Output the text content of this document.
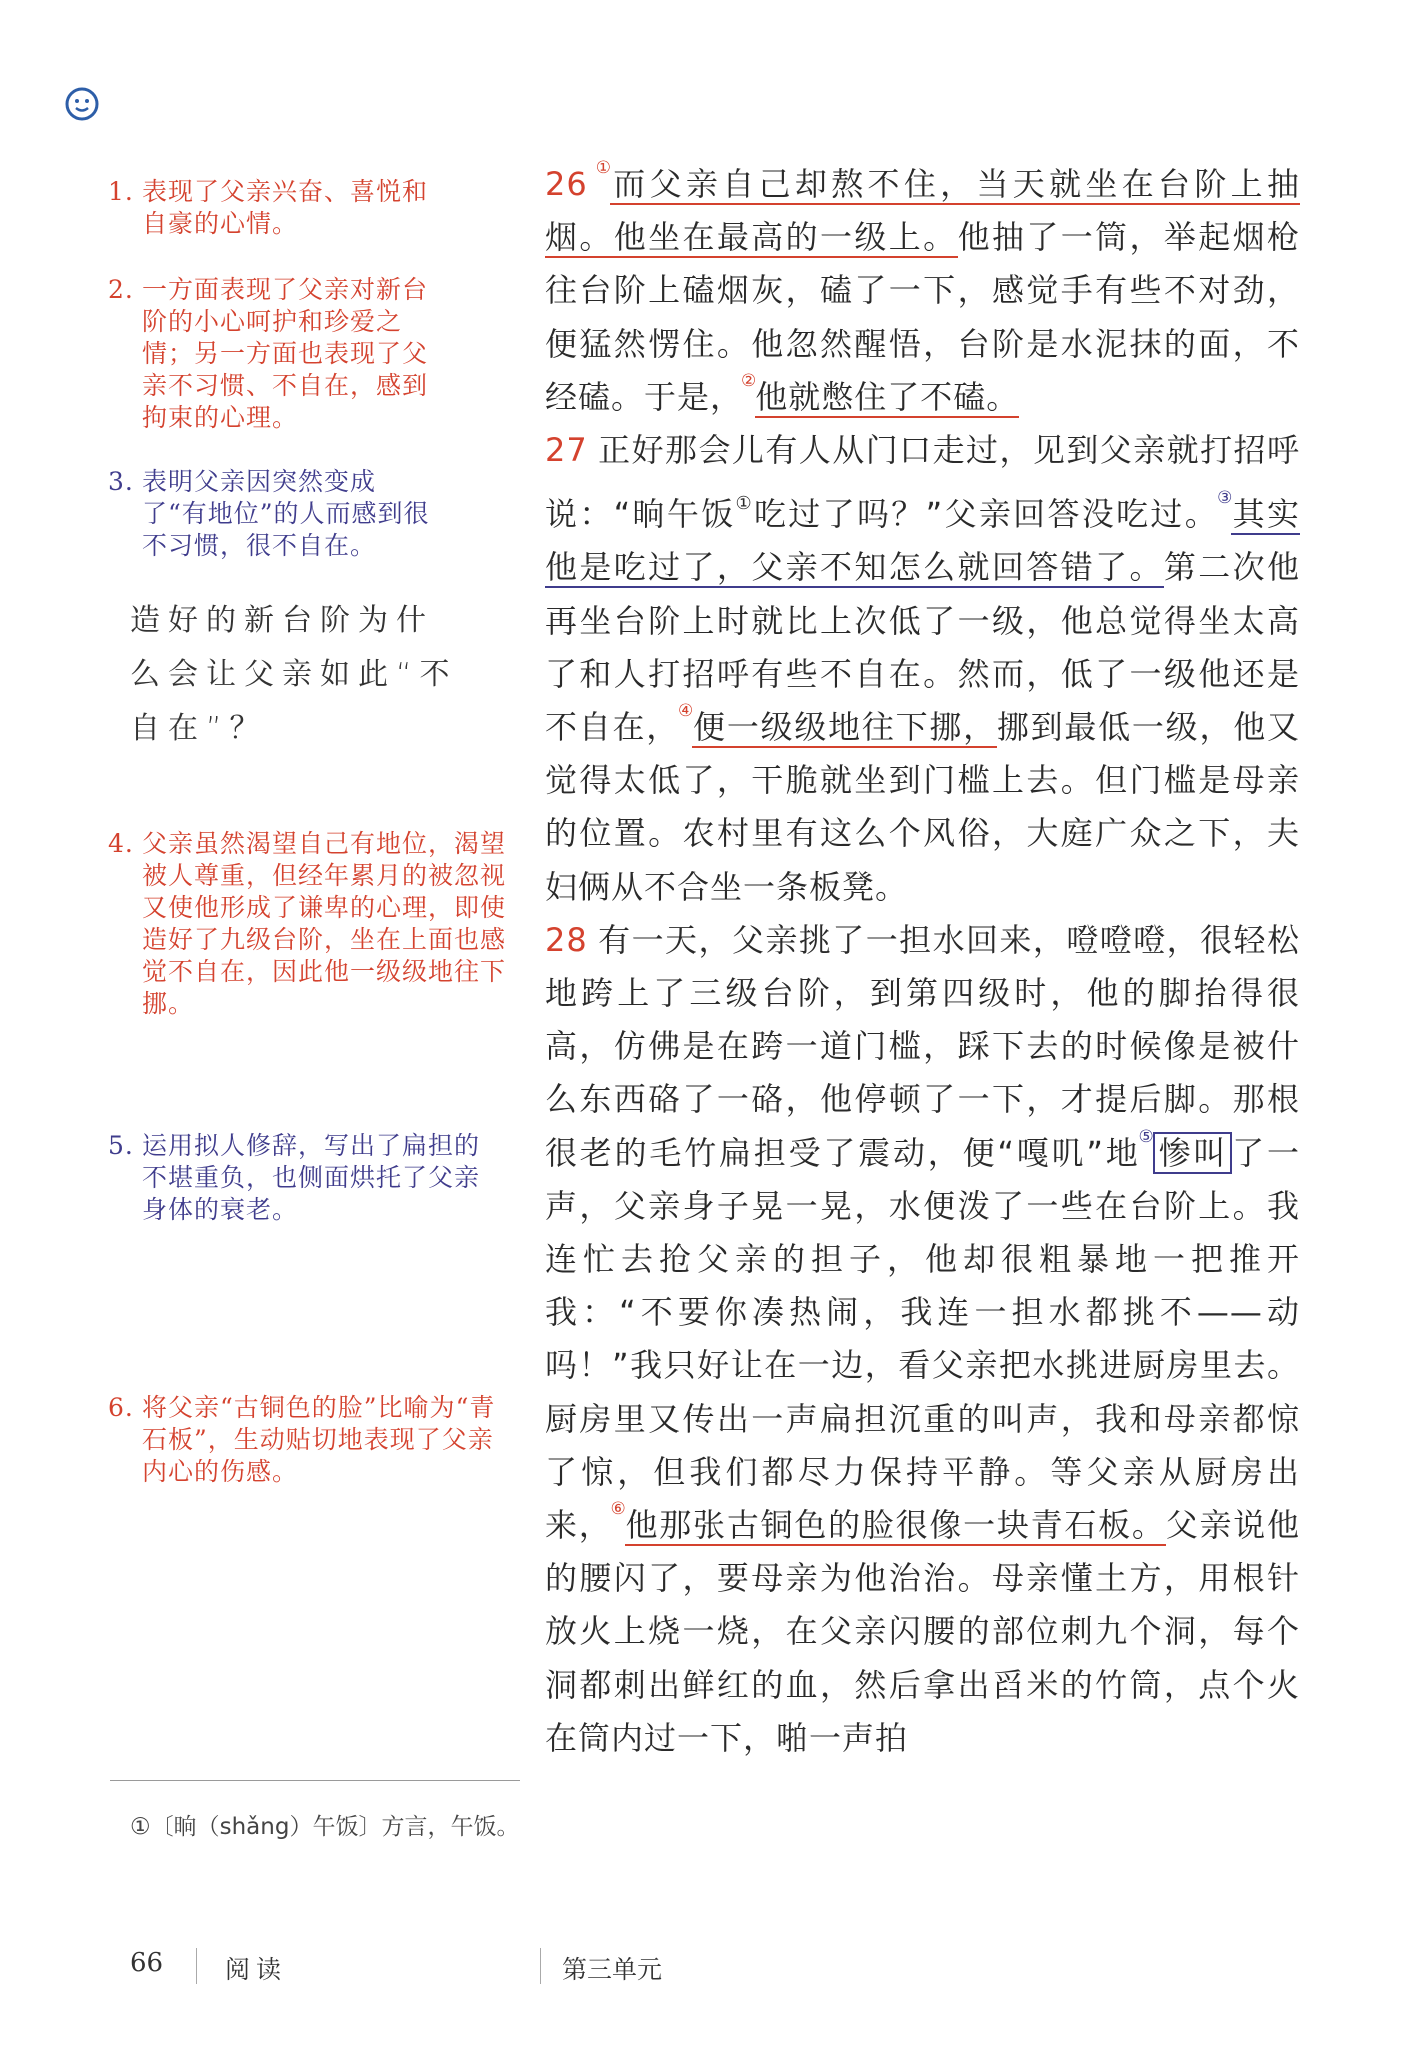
1. 表现了父亲兴奋、喜悦和自豪的心情。
2. 一方面表现了父亲对新台阶的小心呵护和珍爱之情；另一方面也表现了父亲不习惯、不自在，感到拘束的心理。
3. 表明父亲因突然变成了“有地位”的人而感到很不习惯，很不自在。
造好的新台阶为什么会让父亲如此“不自在”？
4. 父亲虽然渴望自己有地位，渴望被人尊重，但经年累月的被忽视又使他形成了谦卑的心理，即使造好了九级台阶，坐在上面也感觉不自在，因此他一级级地往下挪。
5. 运用拟人修辞，写出了扁担的不堪重负，也侧面烘托了父亲身体的衰老。
6. 将父亲“古铜色的脸”比喻为“青石板”，生动贴切地表现了父亲内心的伤感。

26 ①而父亲自己却熬不住，当天就坐在台阶上抽烟。他坐在最高的一级上。他抽了一筒，举起烟枪往台阶上磕烟灰，磕了一下，感觉手有些不对劲，便猛然愣住。他忽然醒悟，台阶是水泥抹的面，不经磕。于是，②他就憋住了不磕。

27 正好那会儿有人从门口走过，见到父亲就打招呼说：“晌午饭①吃过了吗？”父亲回答没吃过。③其实他是吃过了，父亲不知怎么就回答错了。第二次他再坐台阶上时就比上次低了一级，他总觉得坐太高了和人打招呼有些不自在。然而，低了一级他还是不自在，④便一级级地往下挪，挪到最低一级，他又觉得太低了，干脆就坐到门槛上去。但门槛是母亲的位置。农村里有这么个风俗，大庭广众之下，夫妇俩从不合坐一条板凳。

28 有一天，父亲挑了一担水回来，噔噔噔，很轻松地跨上了三级台阶，到第四级时，他的脚抬得很高，仿佛是在跨一道门槛，踩下去的时候像是被什么东西硌了一硌，他停顿了一下，才提后脚。那根很老的毛竹扁担受了震动，便“嘎叽”地⑤惨叫 了一声，父亲身子晃一晃，水便泼了一些在台阶上。我连忙去抢父亲的担子，他却很粗暴地一把推开我：“不要你凑热闹，我连一担水都挑不——动吗！”我只好让在一边，看父亲把水挑进厨房里去。厨房里又传出一声扁担沉重的叫声，我和母亲都惊了惊，但我们都尽力保持平静。等父亲从厨房出来，⑥他那张古铜色的脸很像一块青石板。父亲说他的腰闪了，要母亲为他治治。母亲懂土方，用根针放火上烧一烧，在父亲闪腰的部位刺九个洞，每个洞都刺出鲜红的血，然后拿出舀米的竹筒，点个火在筒内过一下，啪一声拍

①〔晌（shǎng）午饭〕方言，午饭。
66 阅读	第三单元
